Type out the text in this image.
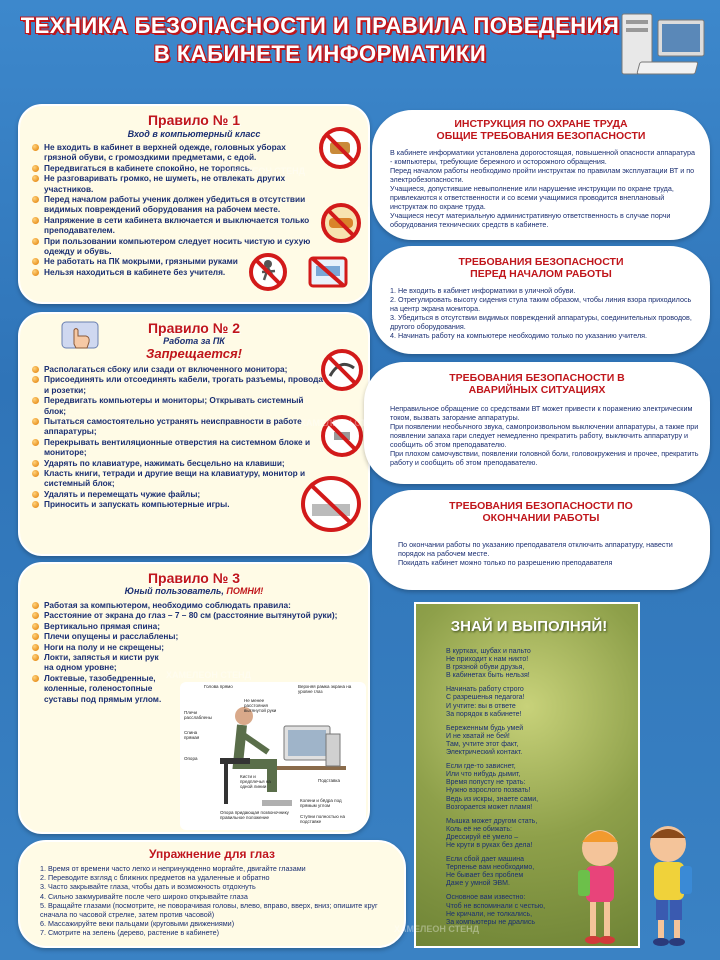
ТЕХНИКА БЕЗОПАСНОСТИ И ПРАВИЛА ПОВЕДЕНИЯ
В КАБИНЕТЕ ИНФОРМАТИКИ
Правило № 1
Вход в компьютерный класс
Не входить в кабинет в верхней одежде, головных уборах грязной обуви, с громоздкими предметами, с едой.
Передвигаться в кабинете спокойно, не торопясь.
Не разговаривать громко, не шуметь, не отвлекать других участников.
Перед началом работы ученик должен убедиться в отсутствии видимых повреждений оборудования на рабочем месте.
Напряжение в сети кабинета включается и выключается только преподавателем.
При пользовании компьютером следует носить чистую и сухую одежду и обувь.
Не работать на ПК мокрыми, грязными руками
Нельзя находиться в кабинете без учителя.
Правило № 2
Работа за ПК
Запрещается!
Располагаться сбоку или сзади от включенного монитора;
Присоединять или отсоединять кабели, трогать разъемы, провода и розетки;
Передвигать компьютеры и мониторы; Открывать системный блок;
Пытаться самостоятельно устранять неисправности в работе аппаратуры;
Перекрывать вентиляционные отверстия на системном блоке и мониторе;
Ударять по клавиатуре, нажимать бесцельно на клавиши;
Класть книги, тетради и другие вещи на клавиатуру, монитор и системный блок;
Удалять и перемещать чужие файлы;
Приносить и запускать компьютерные игры.
Правило № 3
Юный пользователь, ПОМНИ!
Работая за компьютером, необходимо соблюдать правила:
Расстояние от экрана до глаз – 7 – 80 см (расстояние вытянутой руки);
Вертикально прямая спина;
Плечи опущены и расслаблены;
Ноги на полу и не скрещены;
Локти, запястья и кисти рук на одном уровне;
Локтевые, тазобедренные, коленные, голеностопные суставы под прямым углом.
Голова прямо	Верхняя рамка экрана на уровне глаз
Плечи расслаблены
Не менее расстояния вытянутой руки
Спина прямая
Кисти и предплечья на одной линии
Опора
Подставка
Колени и бёдра под прямым углом
Ступни полностью на подставке
Опора придающая позвоночнику правильное положение
ИНСТРУКЦИЯ ПО ОХРАНЕ ТРУДА
ОБЩИЕ ТРЕБОВАНИЯ БЕЗОПАСНОСТИ

В кабинете информатики установлена дорогостоящая, повышенной опасности аппаратура - компьютеры, требующие бережного и осторожного обращения.

Перед началом работы необходимо пройти инструктаж по правилам эксплуатации ВТ и по электробезопасности.

Учащиеся, допустившие невыполнение или нарушение инструкции по охране труда, привлекаются к ответственности и со всеми учащимися проводится внеплановый инструктаж по охране труда.

Учащиеся несут материальную административную ответственность в случае порчи оборудования технических средств в кабинете.

ТРЕБОВАНИЯ БЕЗОПАСНОСТИ
ПЕРЕД НАЧАЛОМ РАБОТЫ

1. Не входить в кабинет информатики в уличной обуви.

2. Отрегулировать высоту сидения стула таким образом, чтобы линия взора приходилось на центр экрана монитора.

3. Убедиться в отсутствии видимых повреждений аппаратуры, соединительных проводов, другого оборудования.

4. Начинать работу на компьютере необходимо только по указанию учителя.

ТРЕБОВАНИЯ БЕЗОПАСНОСТИ В
АВАРИЙНЫХ СИТУАЦИЯХ

Неправильное обращение со средствами ВТ может привести к поражению электрическим током, вызвать загорание аппаратуры.

При появлении необычного звука, самопроизвольном выключении аппаратуры, а также при появлении запаха гари следует немедленно прекратить работу, выключить аппаратуру и сообщить об этом преподавателю.

При плохом самочувствии, появлении головной боли, головокружения и прочее, прекратить работу и сообщить об этом преподавателю.

ТРЕБОВАНИЯ БЕЗОПАСНОСТИ ПО
ОКОНЧАНИИ РАБОТЫ

По окончании работы по указанию преподавателя отключить аппаратуру, навести порядок на рабочем месте.

Покидать кабинет можно только по разрешению преподавателя

Упражнение для глаз
1. Время от времени часто легко и непринужденно моргайте, двигайте глазами
2. Переводите взгляд с ближних предметов на удаленные и обратно
3. Часто закрывайте глаза, чтобы дать и возможность отдохнуть
4. Сильно зажмуривайте после чего широко открывайте глаза
5. Вращайте глазами (посмотрите, не поворачивая головы, влево, вправо, вверх, вниз; опишите круг сначала по часовой стрелке, затем против часовой)
6. Массажируйте веки пальцами (круговыми движениями)
7. Смотрите на зелень (дерево, растение в кабинете)
ЗНАЙ И ВЫПОЛНЯЙ!
В куртках, шубах и пальто
Не приходит к нам никто!
В грязной обуви друзья,
В кабинетах быть нельзя!
Начинать работу строго
С разрешенья педагога!
И учтите: вы в ответе
За порядок в кабинете!
Береженным будь умей
И не хватай не бей!
Там, учтите этот факт,
Электрический контакт.
Если где-то зависнет,
Или что нибудь дымит,
Время попусту не трать:
Нужно взрослого позвать!
Ведь из искры, знаете сами,
Возгорается может пламя!
Мышка может другом стать,
Коль её не обижать:
Дрессируй её умело –
Не крути в руках без дела!
Если сбой дает машина
Терпенье вам необходимо,
Не бывает без проблем
Даже у умной ЭВМ.
Основное вам известно:
Чтоб не вспоминали с честью,
Не кричали, не толкались,
За компьютеры не дрались
ХАМЕЛЕОН СТЕНД
ХАМЕЛЕОН СТЕНД
ХАМЕЛЕОН СТЕНД
ХАМЕЛЕОН СТЕНД
